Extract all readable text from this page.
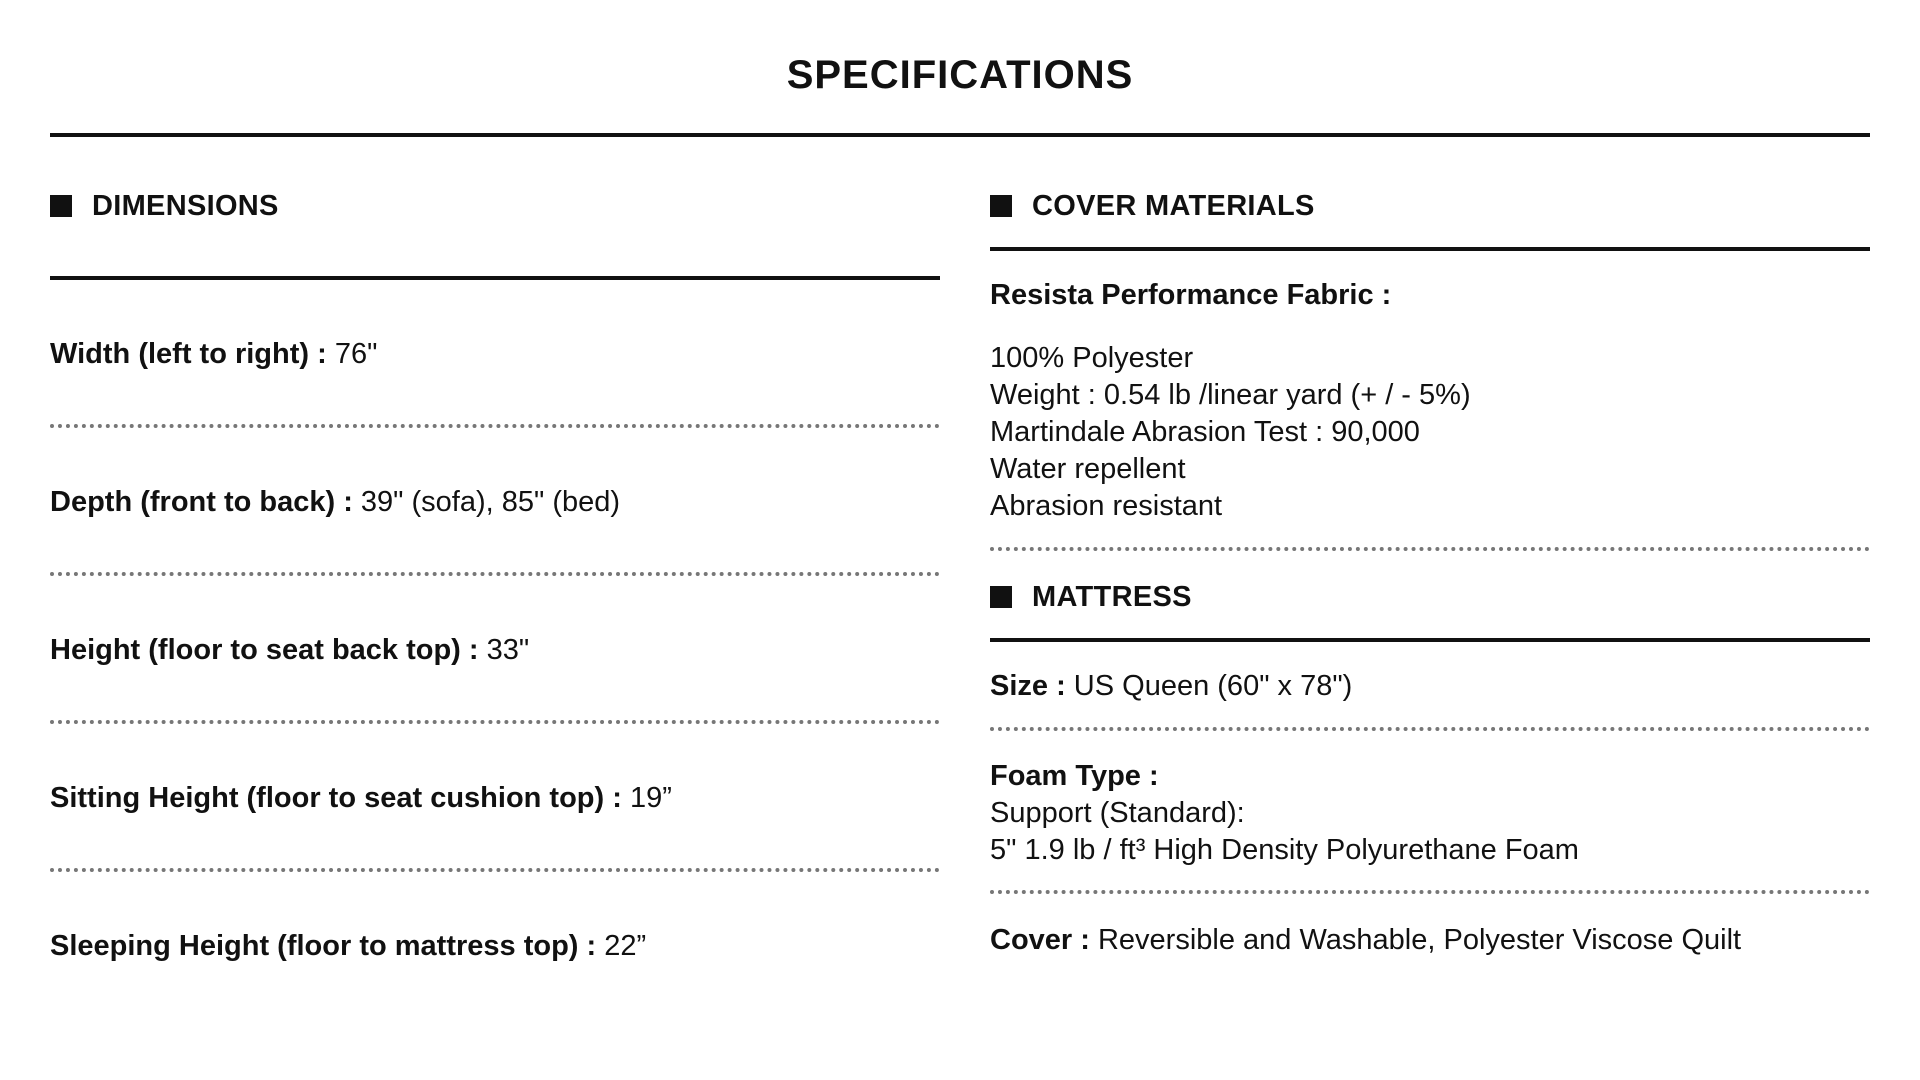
SPECIFICATIONS
DIMENSIONS
Width (left to right) : 76"
Depth (front to back) : 39" (sofa), 85" (bed)
Height (floor to seat back top) : 33"
Sitting Height (floor to seat cushion top) : 19”
Sleeping Height (floor to mattress top) : 22”
COVER MATERIALS
Resista Performance Fabric :
100% Polyester
Weight : 0.54 lb /linear yard (+ / - 5%)
Martindale Abrasion Test : 90,000
Water repellent
Abrasion resistant
MATTRESS
Size : US Queen (60" x 78")
Foam Type :
Support (Standard):
5" 1.9 lb / ft³ High Density Polyurethane Foam
Cover : Reversible and Washable, Polyester Viscose Quilt
